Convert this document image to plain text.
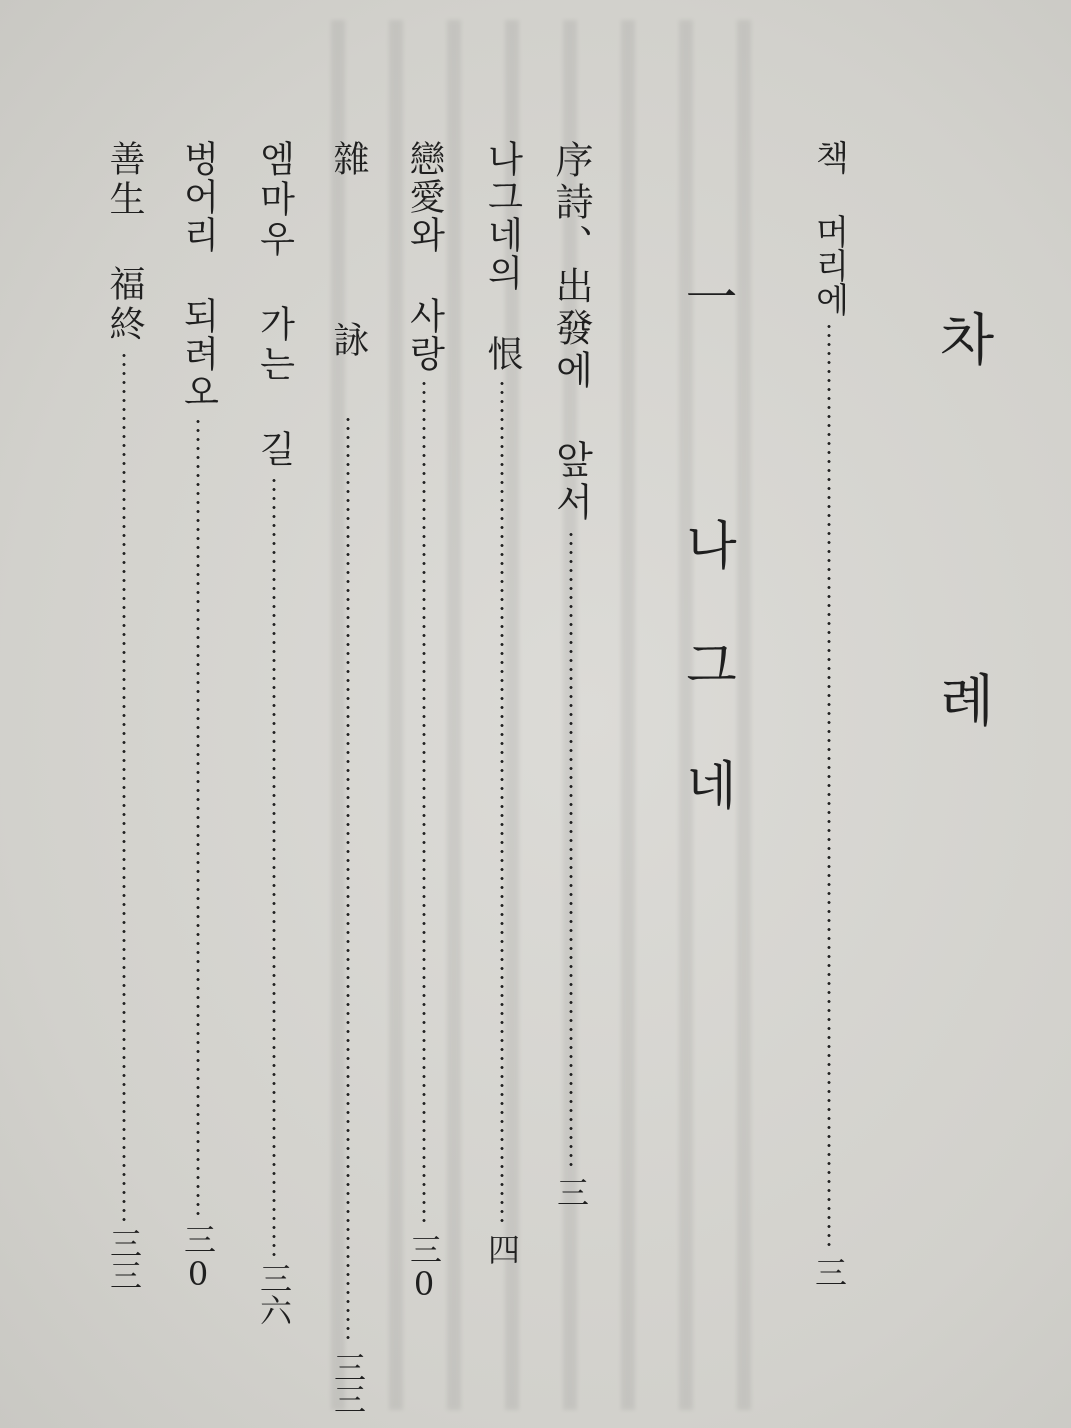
차 례
一 나그네
책 머리에
三
序詩、出發에 앞서
三
나그네의 恨
四
戀愛와 사랑
三0
雜 詠
三三
엠마우 가는 길
三六
벙어리 되려오
三0
善生 福終
三三
